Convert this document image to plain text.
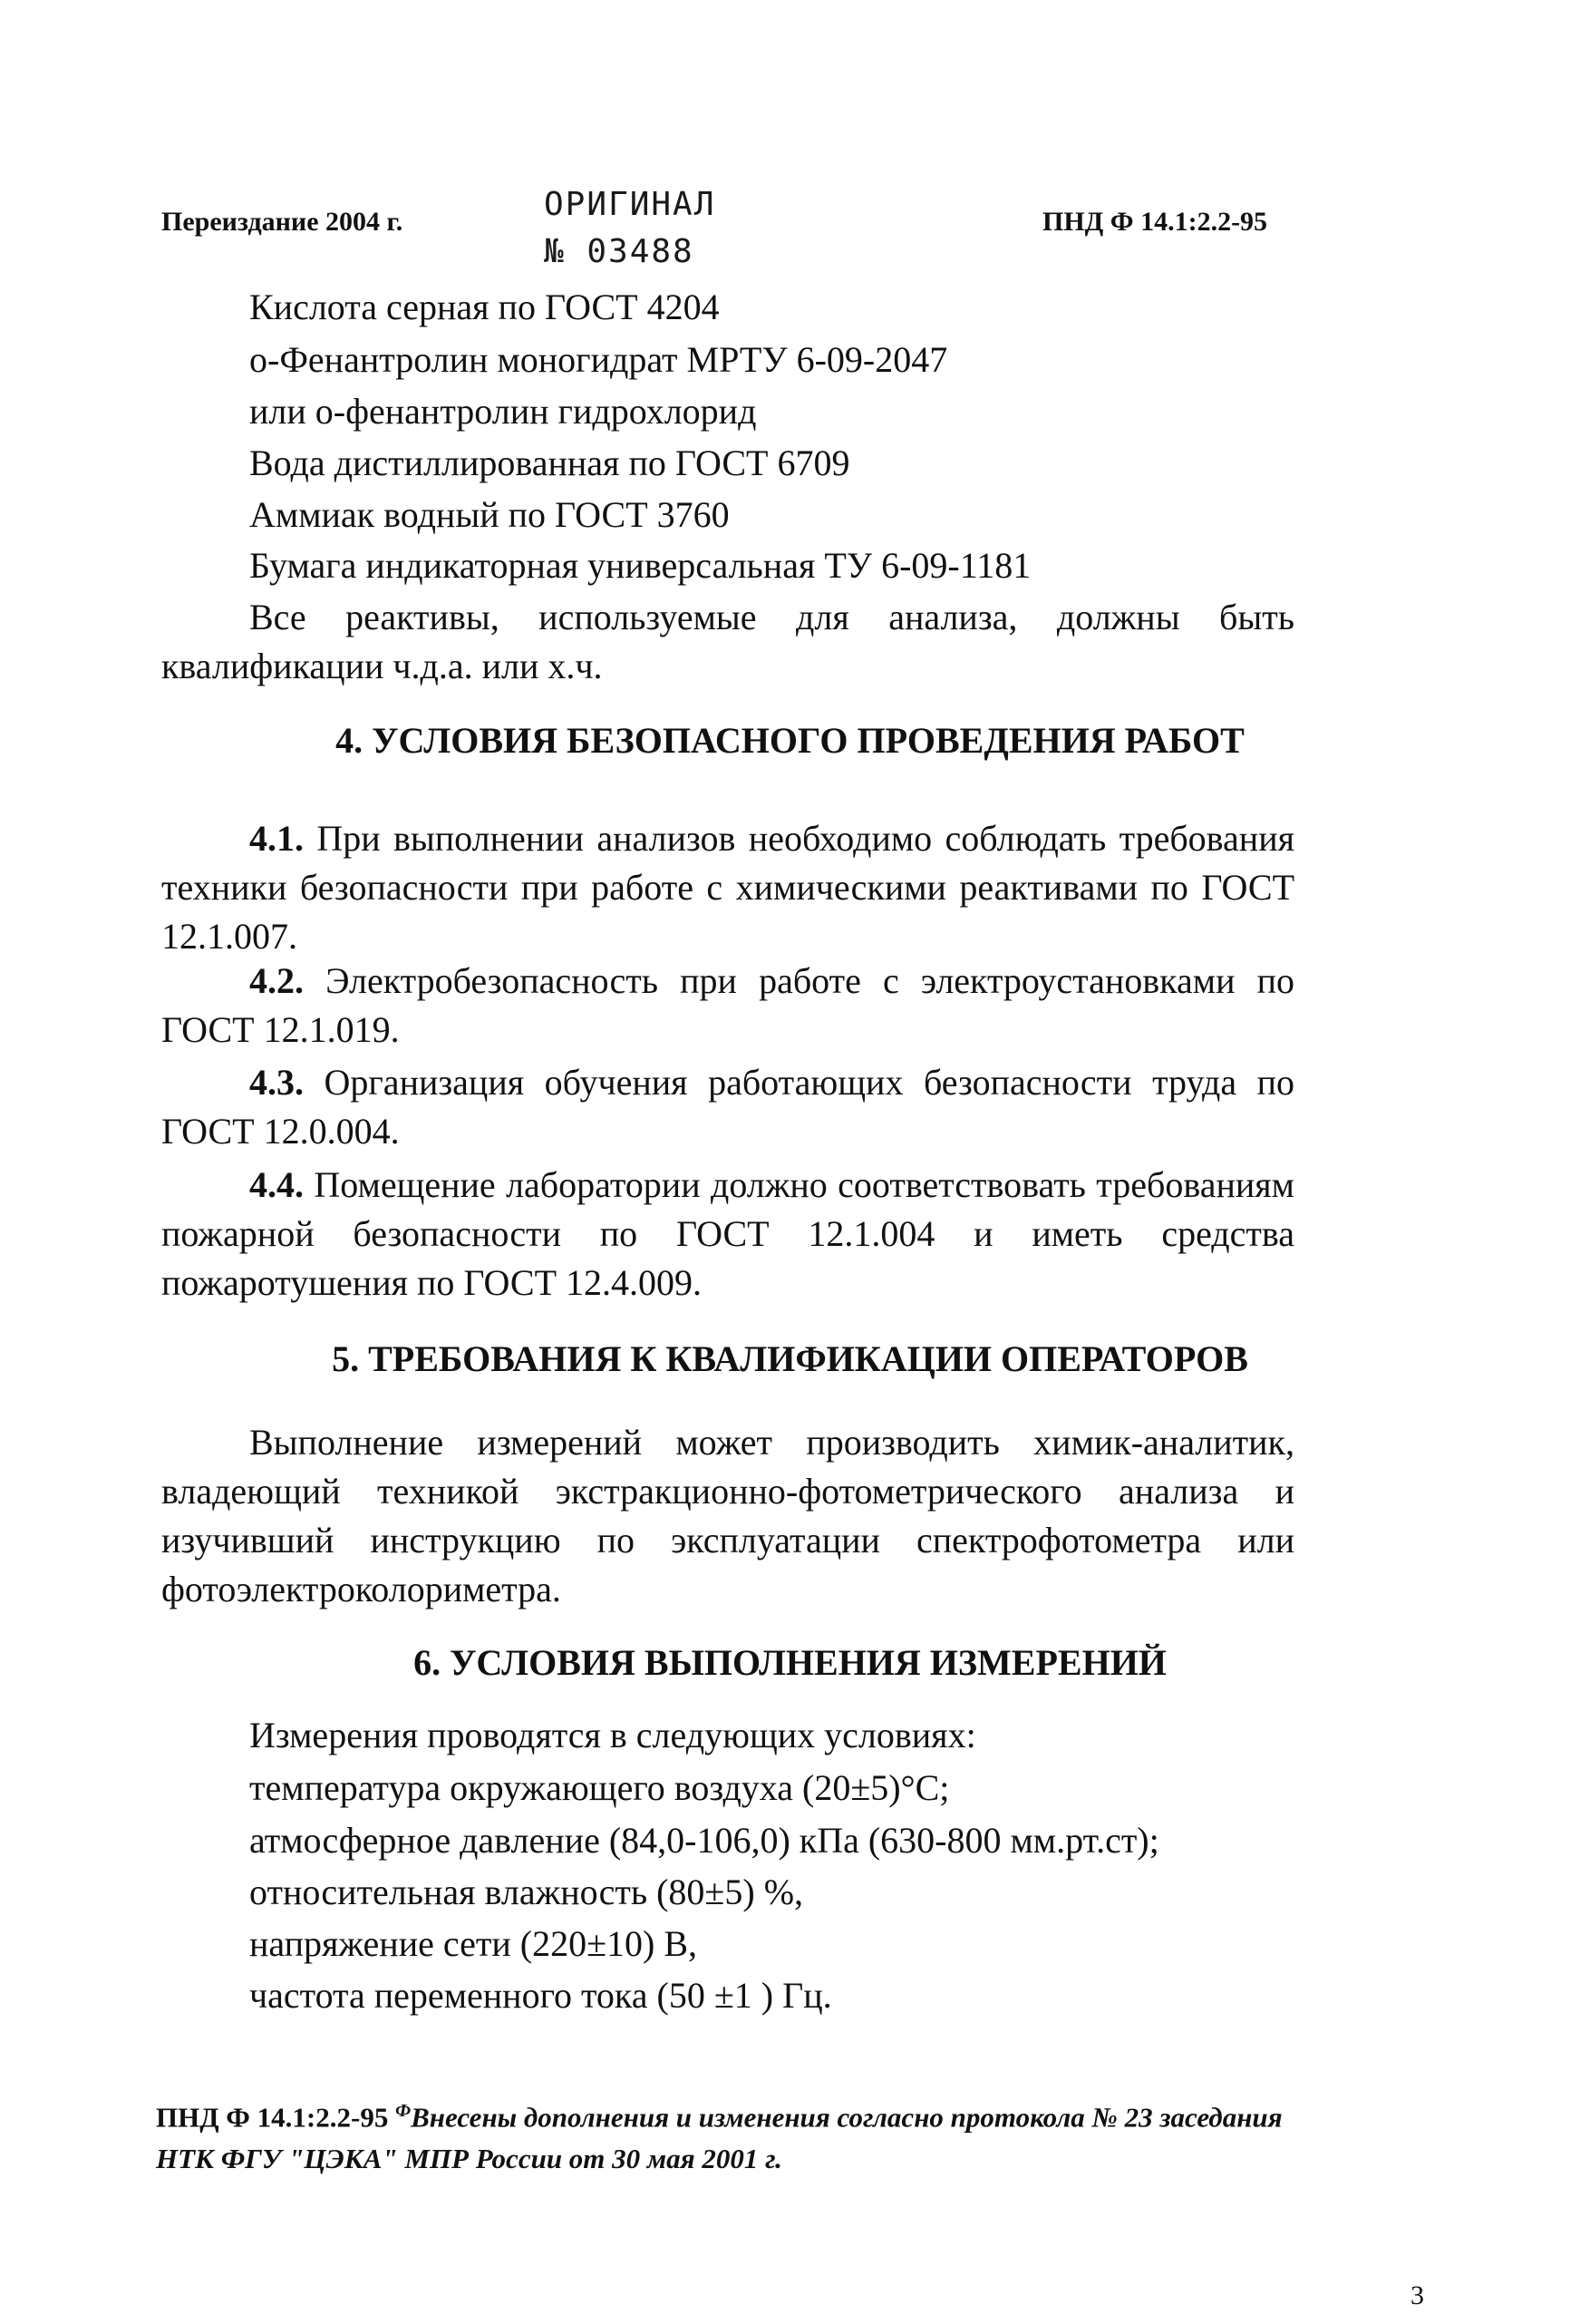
Переиздание 2004 г.	ОРИГИНАЛ
№ 03488
ПНД Ф 14.1:2.2-95
Кислота серная по ГОСТ 4204
о-Фенантролин моногидрат МРТУ 6-09-2047
или о-фенантролин гидрохлорид
Вода дистиллированная по ГОСТ 6709
Аммиак водный по ГОСТ 3760
Бумага индикаторная универсальная ТУ 6-09-1181
Все реактивы, используемые для анализа, должны быть квалификации ч.д.а. или х.ч.
4. УСЛОВИЯ БЕЗОПАСНОГО ПРОВЕДЕНИЯ РАБОТ
4.1. При выполнении анализов необходимо соблюдать требования техники безопасности при работе с химическими реактивами по ГОСТ 12.1.007.
4.2. Электробезопасность при работе с электроустановками по ГОСТ 12.1.019.
4.3. Организация обучения работающих безопасности труда по ГОСТ 12.0.004.
4.4. Помещение лаборатории должно соответствовать требованиям пожарной безопасности по ГОСТ 12.1.004 и иметь средства пожаротушения по ГОСТ 12.4.009.
5. ТРЕБОВАНИЯ К КВАЛИФИКАЦИИ ОПЕРАТОРОВ
Выполнение измерений может производить химик-аналитик, владеющий техникой экстракционно-фотометрического анализа и изучивший инструкцию по эксплуатации спектрофотометра или фотоэлектроколориметра.
6. УСЛОВИЯ ВЫПОЛНЕНИЯ ИЗМЕРЕНИЙ
Измерения проводятся в следующих условиях:
температура окружающего воздуха (20±5)°С;
атмосферное давление (84,0-106,0) кПа (630-800 мм.рт.ст);
относительная влажность (80±5) %,
напряжение сети (220±10) В,
частота переменного тока (50 ±1 ) Гц.
ПНД Ф 14.1:2.2-95 $^Ф$Внесены дополнения и изменения согласно протокола № 23 заседания НТК ФГУ "ЦЭКА" МПР России от 30 мая 2001 г.
3
